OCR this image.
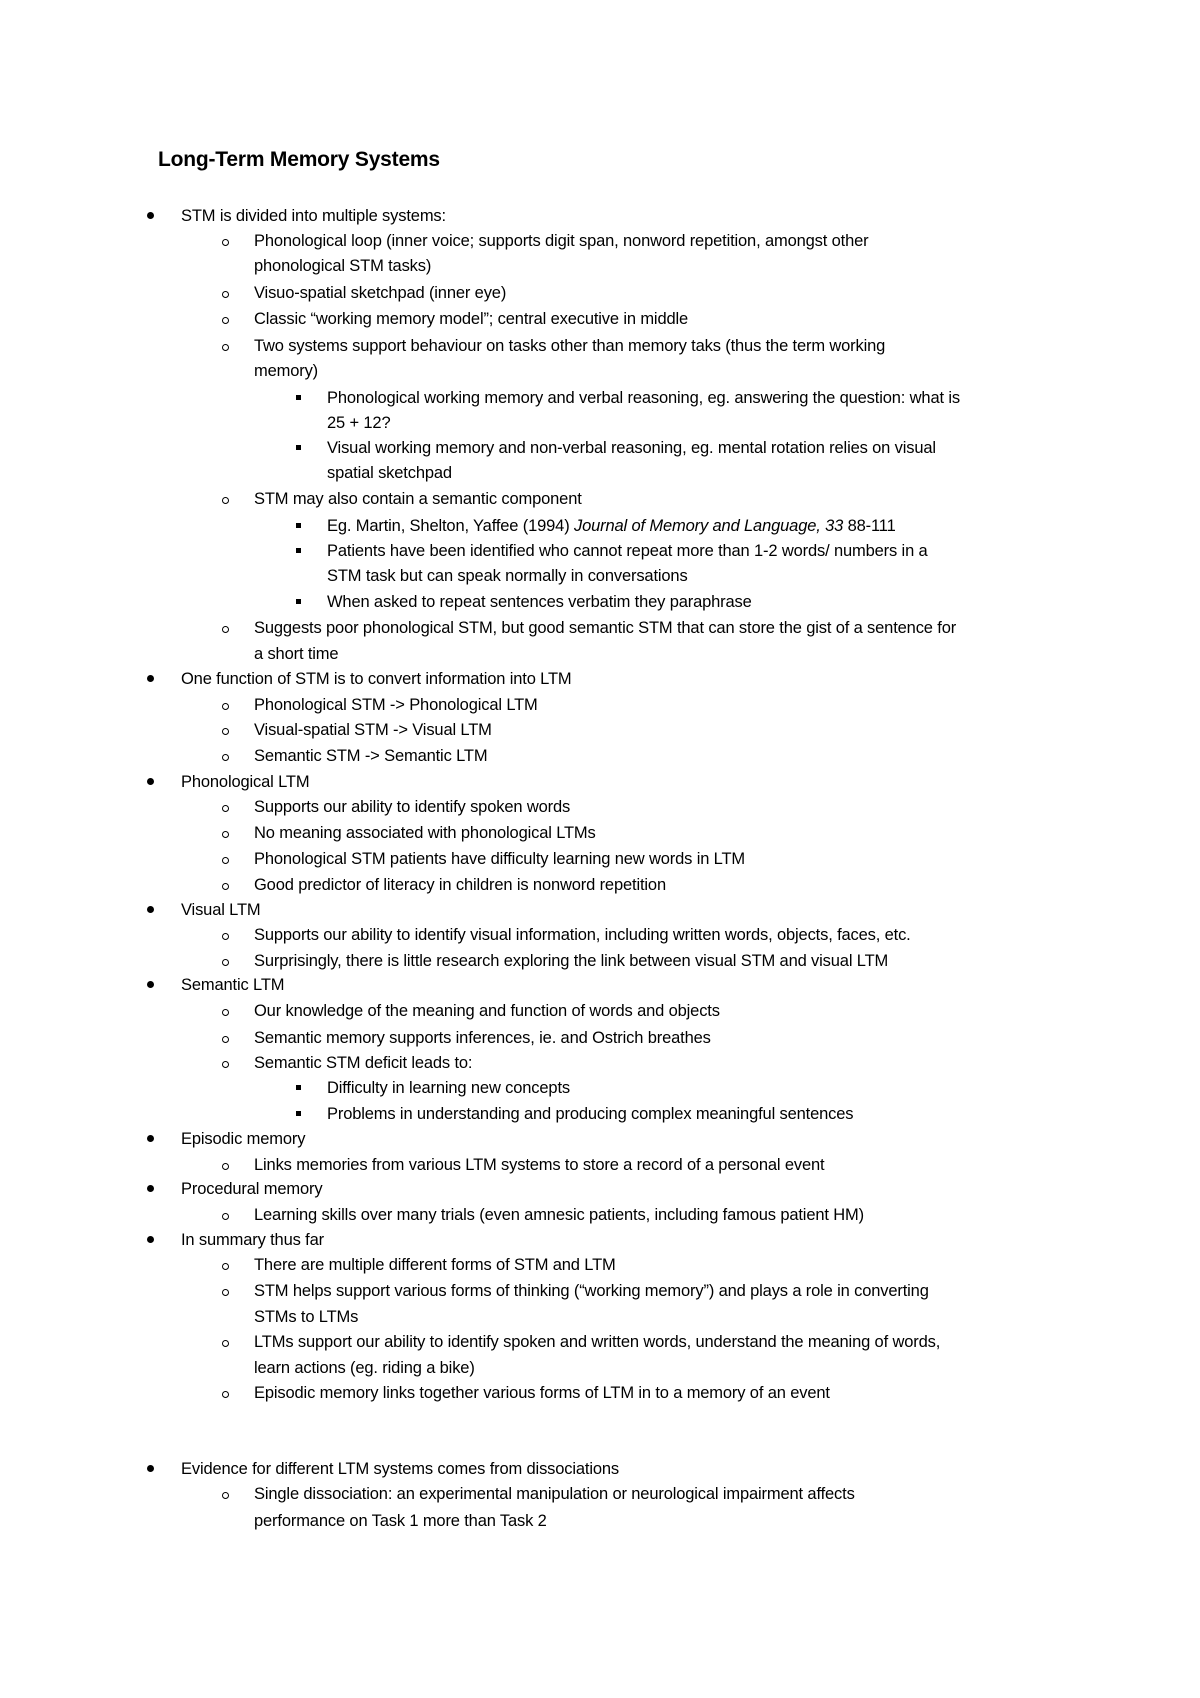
Long-Term Memory Systems
STM is divided into multiple systems:
Phonological loop (inner voice; supports digit span, nonword repetition, amongst other
phonological STM tasks)
Visuo-spatial sketchpad (inner eye)
Classic “working memory model”; central executive in middle
Two systems support behaviour on tasks other than memory taks (thus the term working
memory)
Phonological working memory and verbal reasoning, eg. answering the question: what is
25 + 12?
Visual working memory and non-verbal reasoning, eg. mental rotation relies on visual
spatial sketchpad
STM may also contain a semantic component
Eg. Martin, Shelton, Yaffee (1994) Journal of Memory and Language, 33 88-111
Patients have been identified who cannot repeat more than 1-2 words/ numbers in a
STM task but can speak normally in conversations
When asked to repeat sentences verbatim they paraphrase
Suggests poor phonological STM, but good semantic STM that can store the gist of a sentence for
a short time
One function of STM is to convert information into LTM
Phonological STM -> Phonological LTM
Visual-spatial STM -> Visual LTM
Semantic STM -> Semantic LTM
Phonological LTM
Supports our ability to identify spoken words
No meaning associated with phonological LTMs
Phonological STM patients have difficulty learning new words in LTM
Good predictor of literacy in children is nonword repetition
Visual LTM
Supports our ability to identify visual information, including written words, objects, faces, etc.
Surprisingly, there is little research exploring the link between visual STM and visual LTM
Semantic LTM
Our knowledge of the meaning and function of words and objects
Semantic memory supports inferences, ie. and Ostrich breathes
Semantic STM deficit leads to:
Difficulty in learning new concepts
Problems in understanding and producing complex meaningful sentences
Episodic memory
Links memories from various LTM systems to store a record of a personal event
Procedural memory
Learning skills over many trials (even amnesic patients, including famous patient HM)
In summary thus far
There are multiple different forms of STM and LTM
STM helps support various forms of thinking (“working memory”) and plays a role in converting
STMs to LTMs
LTMs support our ability to identify spoken and written words, understand the meaning of words,
learn actions (eg. riding a bike)
Episodic memory links together various forms of LTM in to a memory of an event
Evidence for different LTM systems comes from dissociations
Single dissociation: an experimental manipulation or neurological impairment affects
performance on Task 1 more than Task 2
